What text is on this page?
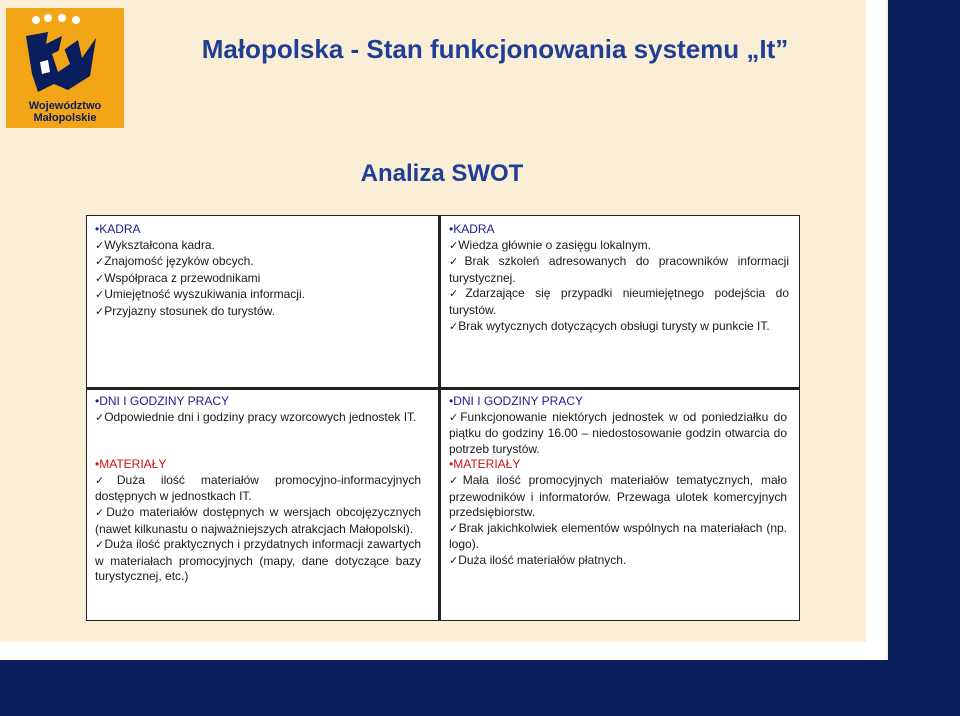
Województwo
Małopolskie
Małopolska - Stan funkcjonowania systemu „It”
Analiza SWOT
•KADRA
✓Wykształcona kadra.
✓Znajomość języków obcych.
✓Współpraca z przewodnikami
✓Umiejętność wyszukiwania informacji.
✓Przyjazny stosunek do turystów.
•KADRA
✓Wiedza głównie o zasięgu lokalnym.
✓Brak szkoleń adresowanych do pracowników informacji turystycznej.
✓Zdarzające się przypadki nieumiejętnego podejścia do turystów.
✓Brak wytycznych dotyczących obsługi turysty w punkcie IT.
•DNI I GODZINY PRACY
✓Odpowiednie dni i godziny pracy wzorcowych jednostek IT.
•MATERIAŁY
✓Duża ilość materiałów promocyjno-informacyjnych dostępnych w jednostkach IT.
✓Dużo materiałów dostępnych w wersjach obcojęzycznych (nawet kilkunastu o najważniejszych atrakcjach Małopolski).
✓Duża ilość praktycznych i przydatnych informacji zawartych w materiałach promocyjnych (mapy, dane dotyczące bazy turystycznej, etc.)
•DNI I GODZINY PRACY
✓Funkcjonowanie niektórych jednostek w od poniedziałku do piątku do godziny 16.00 – niedostosowanie godzin otwarcia do potrzeb turystów.
•MATERIAŁY
✓Mała ilość promocyjnych materiałów tematycznych, mało przewodników i informatorów. Przewaga ulotek komercyjnych przedsiębiorstw.
✓Brak jakichkolwiek elementów wspólnych na materiałach (np. logo).
✓Duża ilość materiałów płatnych.
